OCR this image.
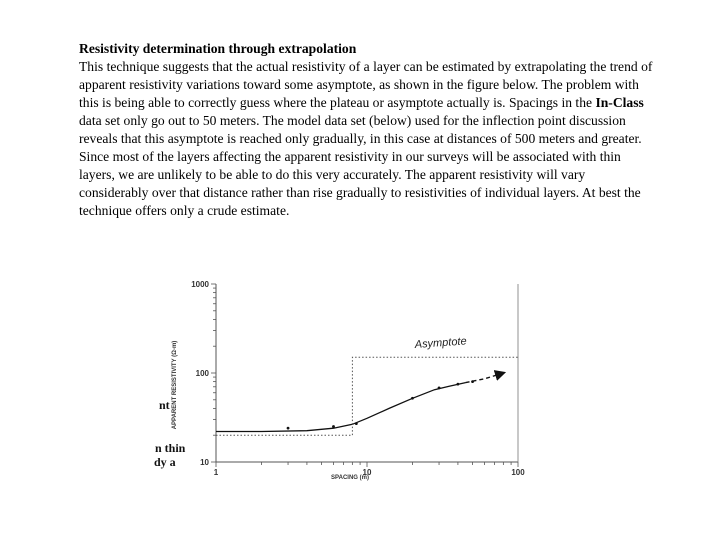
Resistivity determination through extrapolation

This technique suggests that the actual resistivity of a layer can be estimated by extrapolating the trend of apparent resistivity variations toward some asymptote, as shown in the figure below. The problem with this is being able to correctly guess where the plateau or asymptote actually is. Spacings in the In-Class data set only go out to 50 meters. The model data set (below) used for the inflection point discussion reveals that this asymptote is reached only gradually, in this case at distances of 500 meters and greater. Since most of the layers affecting the apparent resistivity in our surveys will be associated with thin layers, we are unlikely to be able to do this very accurately. The apparent resistivity will vary considerably over that distance rather than rise gradually to resistivities of individual layers. At best the technique offers only a crude estimate.

1	10	100
10
100
1000
SPACING (m)
APPARENT RESISTIVITY (Ω-m)	Asymptote
nt
n thin
dy a
